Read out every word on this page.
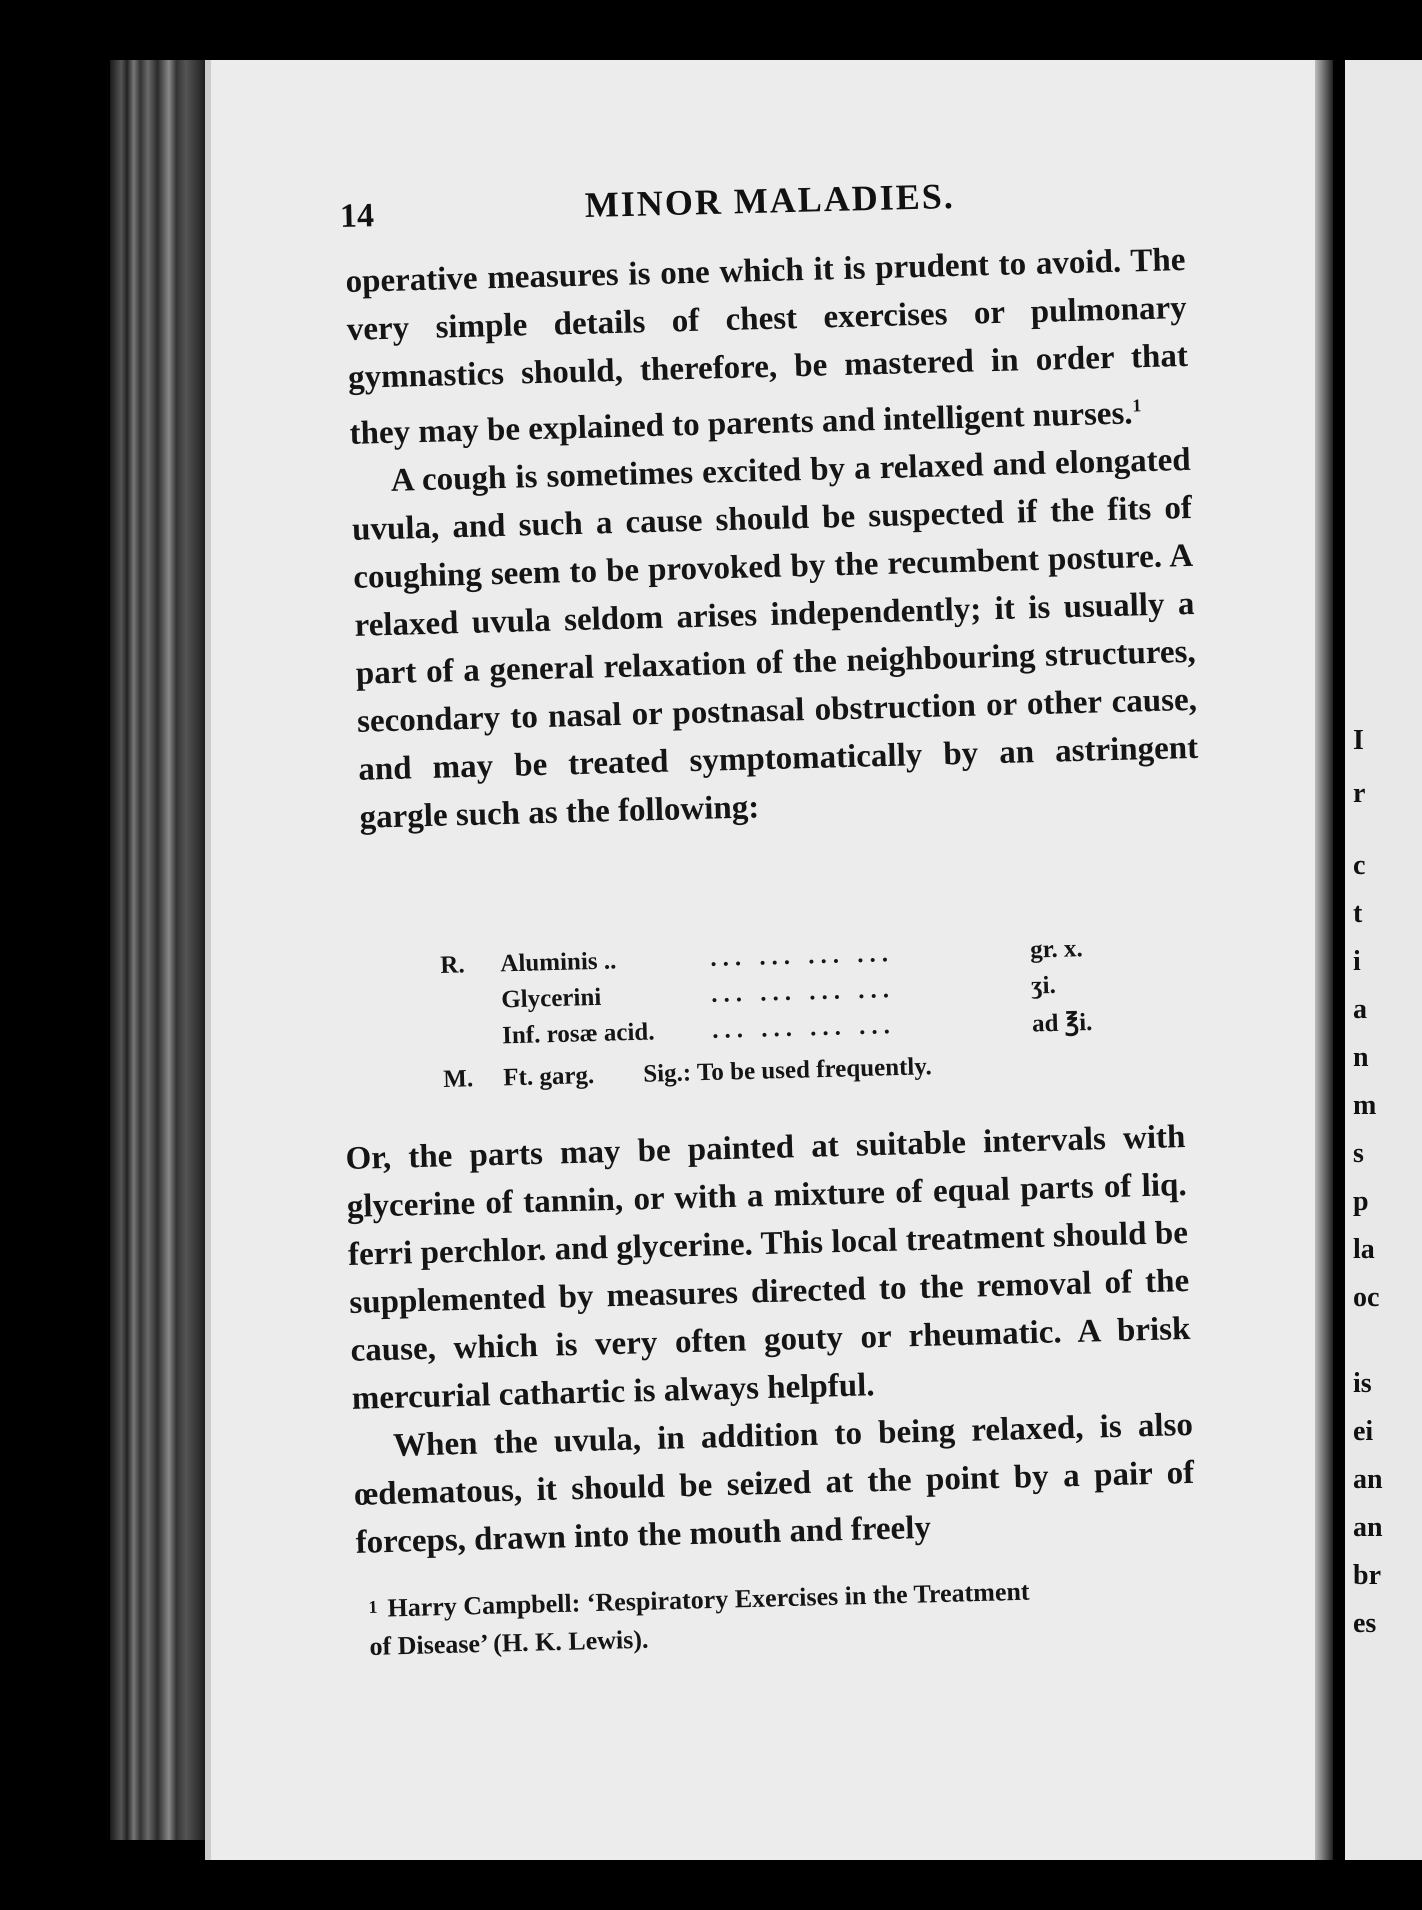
I
r
c
t
i
a
n
m
s
p
la
oc
is
ei
an
an
br
es
14	MINOR MALADIES.

operative measures is one which it is prudent to avoid. The very simple details of chest exercises or pulmonary gymnastics should, therefore, be mastered in order that they may be explained to parents and intelligent nurses.$^1$

A cough is sometimes excited by a relaxed and elongated uvula, and such a cause should be suspected if the fits of coughing seem to be provoked by the recumbent posture. A relaxed uvula seldom arises independently; it is usually a part of a general relaxation of the neighbouring structures, secondary to nasal or postnasal obstruction or other cause, and may be treated symptomatically by an astringent gargle such as the following:

R. Aluminis ..	... ... ... ...	gr. x.
Glycerini	... ... ... ...	ʒi.
Inf. rosæ acid. ... ... ... ...	ad ℥i.
M. Ft. garg. Sig.: To be used frequently.

Or, the parts may be painted at suitable intervals with glycerine of tannin, or with a mixture of equal parts of liq. ferri perchlor. and glycerine. This local treatment should be supplemented by measures directed to the removal of the cause, which is very often gouty or rheumatic. A brisk mercurial cathartic is always helpful.

When the uvula, in addition to being relaxed, is also œdematous, it should be seized at the point by a pair of forceps, drawn into the mouth and freely

1 Harry Campbell: ‘Respiratory Exercises in the Treatment

of Disease’ (H. K. Lewis).
